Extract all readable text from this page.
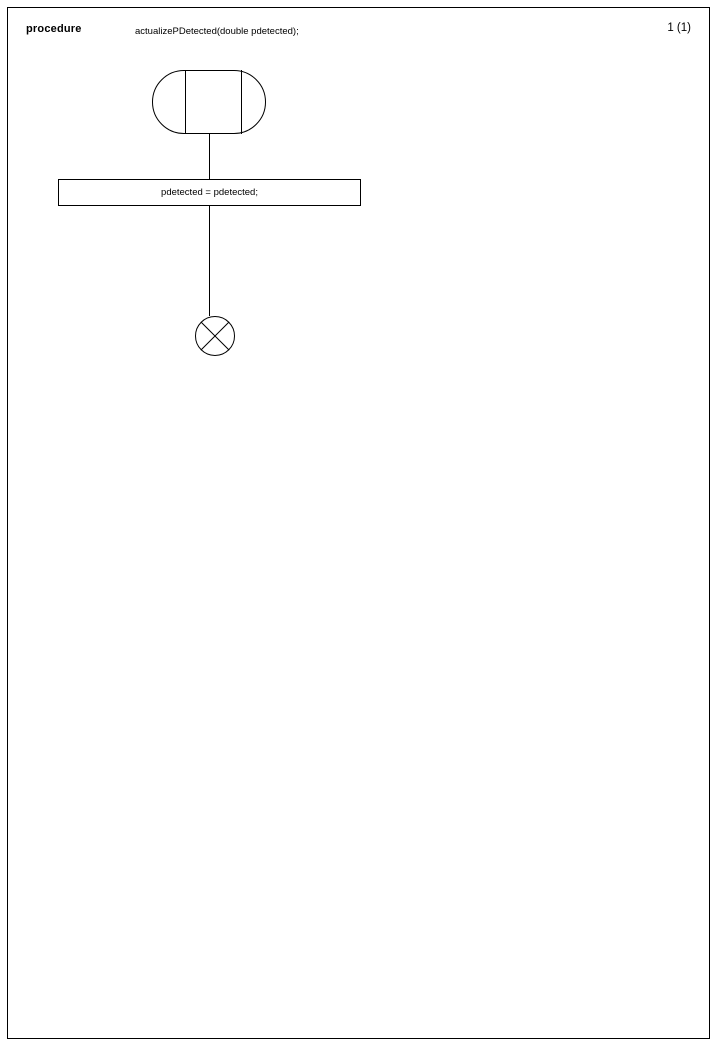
procedure	actualizePDetected(double pdetected);	1 (1)
pdetected = pdetected;
